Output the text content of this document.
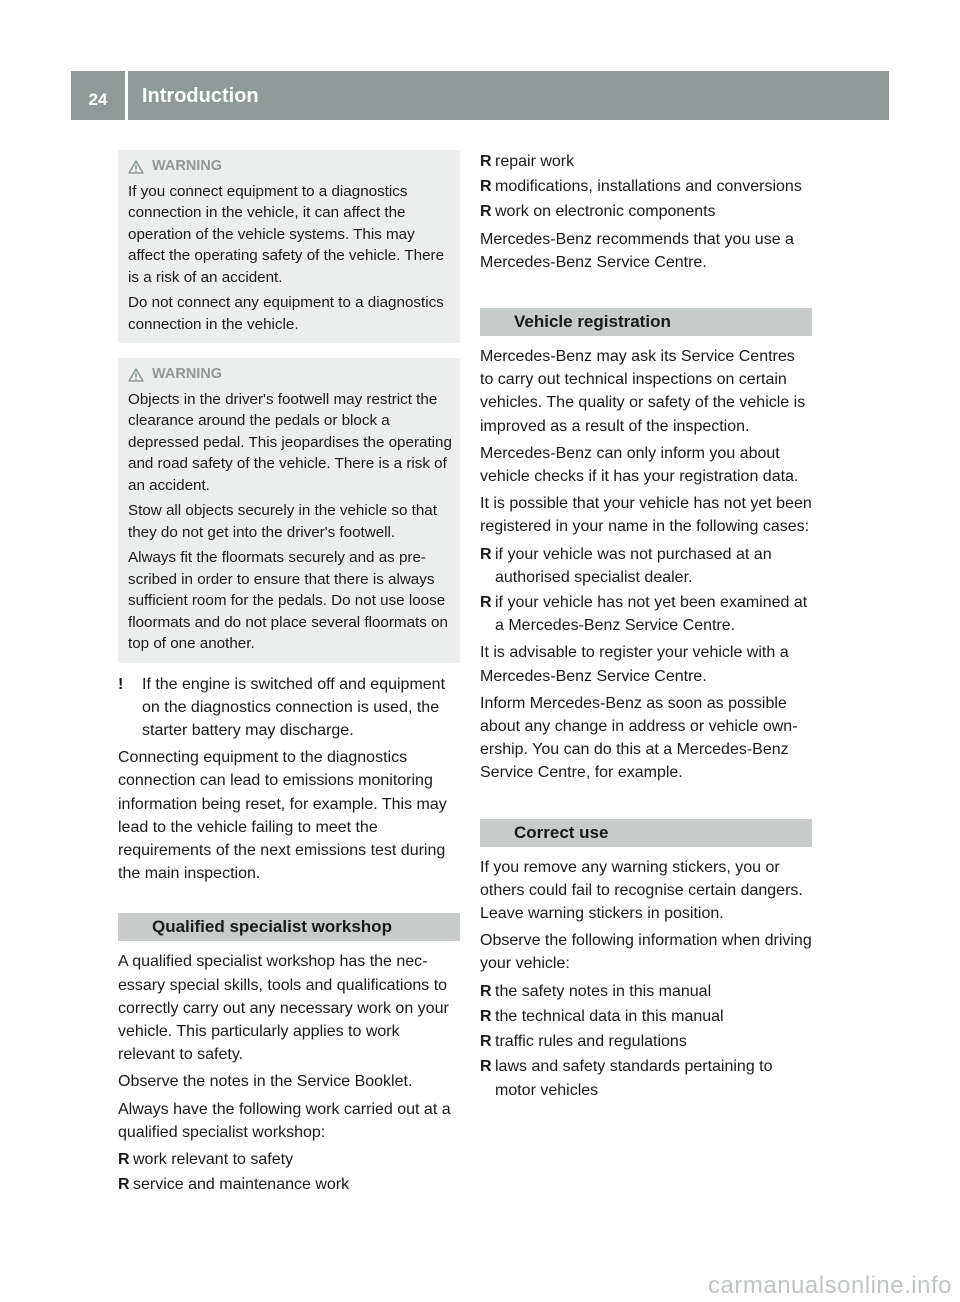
24	Introduction
WARNING

If you connect equipment to a diagnostics connection in the vehicle, it can affect the operation of the vehicle systems. This may affect the operating safety of the vehicle. There is a risk of an accident.

Do not connect any equipment to a diagnostics connection in the vehicle.

WARNING

Objects in the driver's footwell may restrict the clearance around the pedals or block a depressed pedal. This jeopardises the operating and road safety of the vehicle. There is a risk of an accident.

Stow all objects securely in the vehicle so that they do not get into the driver's footwell.

Always fit the floormats securely and as prescribed in order to ensure that there is always sufficient room for the pedals. Do not use loose floormats and do not place several floormats on top of one another.

!	If the engine is switched off and equipment on the diagnostics connection is used, the starter battery may discharge.

Connecting equipment to the diagnostics connection can lead to emissions monitoring information being reset, for example. This may lead to the vehicle failing to meet the requirements of the next emissions test during the main inspection.

Qualified specialist workshop

A qualified specialist workshop has the necessary special skills, tools and qualifications to correctly carry out any necessary work on your vehicle. This particularly applies to work relevant to safety.

Observe the notes in the Service Booklet.

Always have the following work carried out at a qualified specialist workshop:

R work relevant to safety
R service and maintenance work
R repair work
R modifications, installations and conversions
R work on electronic components

Mercedes-Benz recommends that you use a Mercedes-Benz Service Centre.

Vehicle registration

Mercedes-Benz may ask its Service Centres to carry out technical inspections on certain vehicles. The quality or safety of the vehicle is improved as a result of the inspection.

Mercedes-Benz can only inform you about vehicle checks if it has your registration data.

It is possible that your vehicle has not yet been registered in your name in the following cases:

R if your vehicle was not purchased at an authorised specialist dealer.
R if your vehicle has not yet been examined at a Mercedes-Benz Service Centre.

It is advisable to register your vehicle with a Mercedes-Benz Service Centre.

Inform Mercedes-Benz as soon as possible about any change in address or vehicle ownership. You can do this at a Mercedes-Benz Service Centre, for example.

Correct use

If you remove any warning stickers, you or others could fail to recognise certain dangers. Leave warning stickers in position.

Observe the following information when driving your vehicle:

R the safety notes in this manual
R the technical data in this manual
R traffic rules and regulations
R laws and safety standards pertaining to motor vehicles
carmanualsonline.info
